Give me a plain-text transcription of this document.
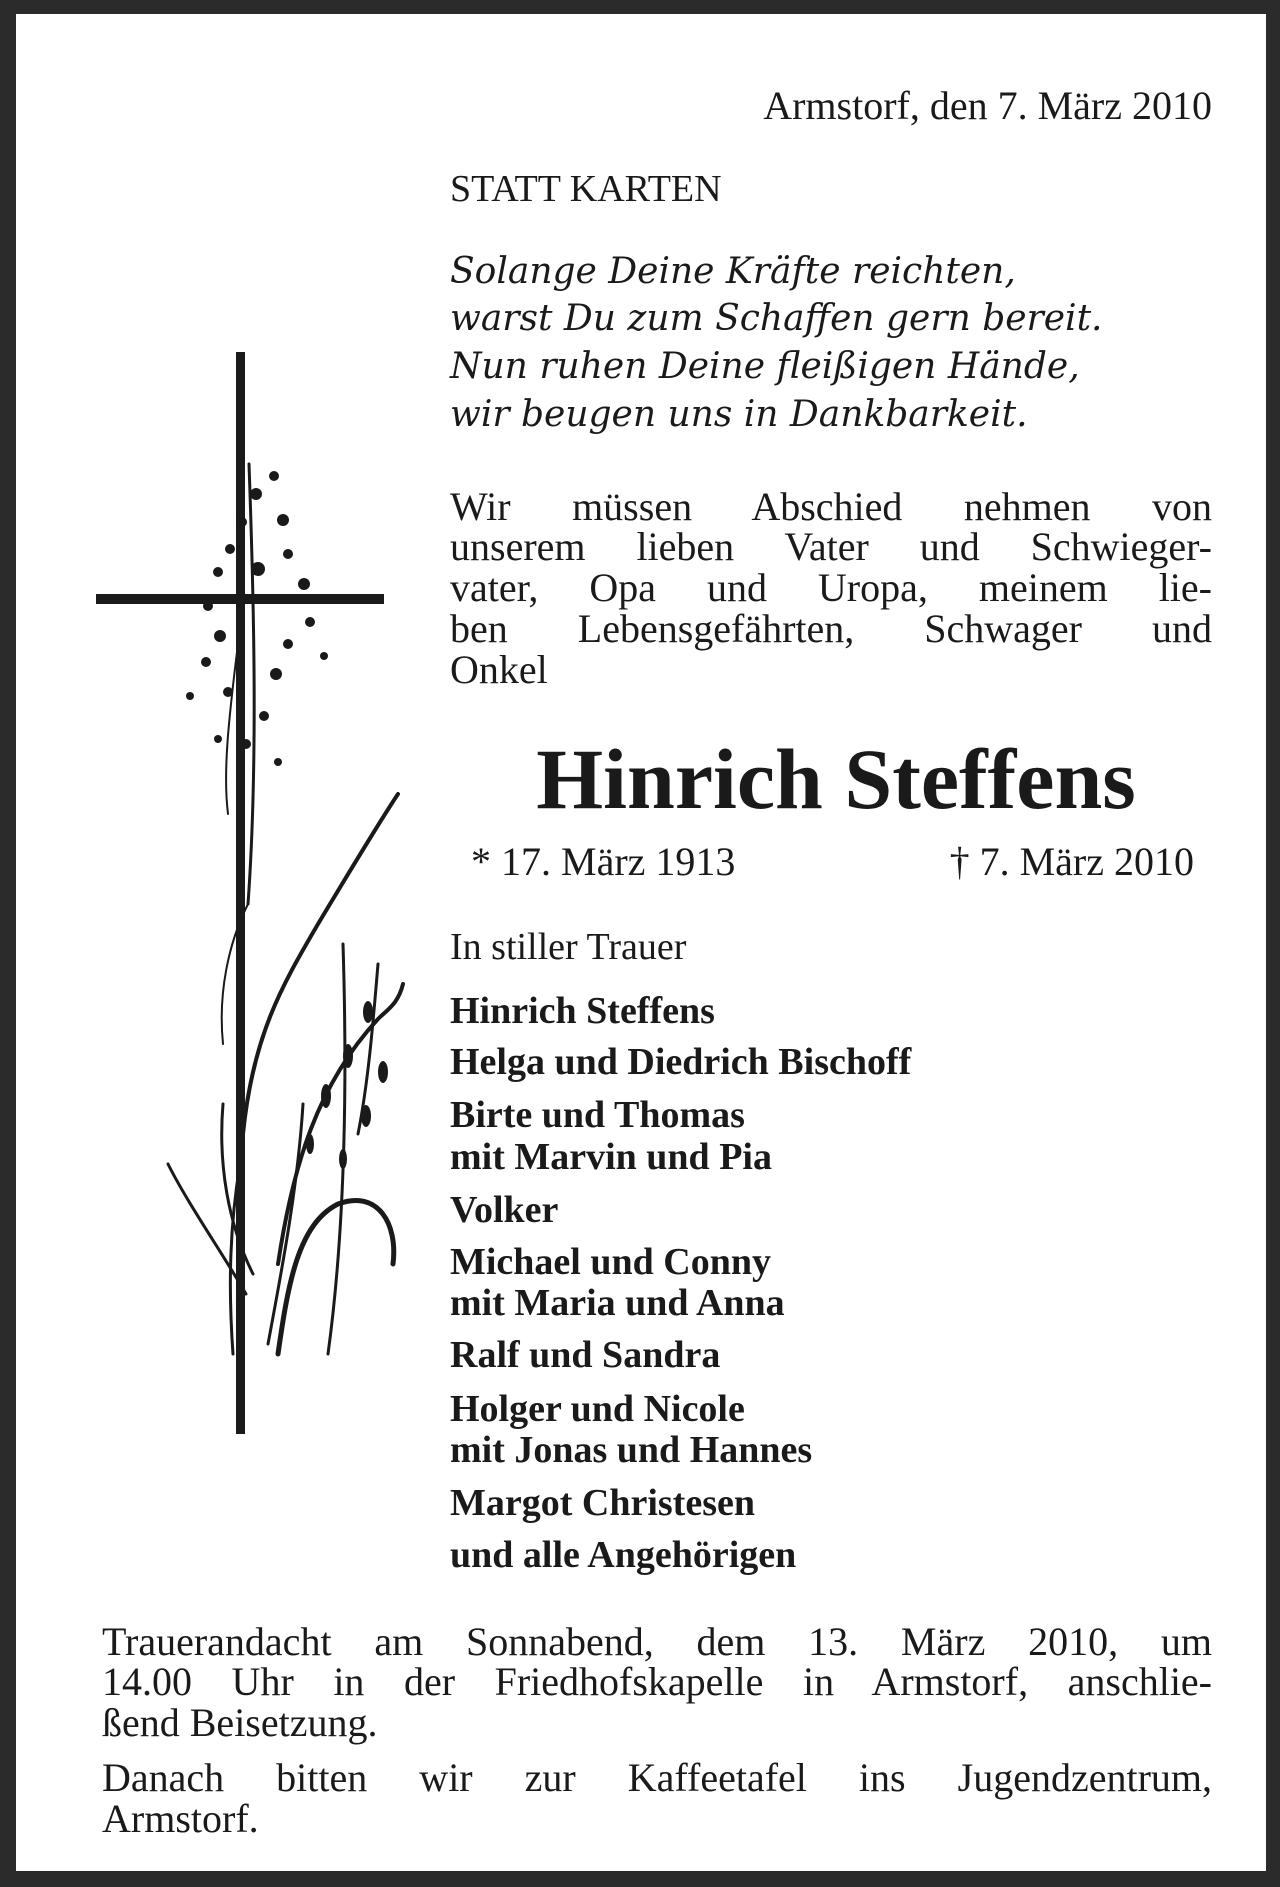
Armstorf, den 7. März 2010
STATT KARTEN
Solange Deine Kräfte reichten,
warst Du zum Schaffen gern bereit.
Nun ruhen Deine fleißigen Hände,
wir beugen uns in Dankbarkeit.
Wir müssen Abschied nehmen von
unserem lieben Vater und Schwieger-
vater, Opa und Uropa, meinem lie-
ben Lebensgefährten, Schwager und
Onkel
Hinrich Steffens
* 17. März 1913	† 7. März 2010
In stiller Trauer
Hinrich Steffens
Helga und Diedrich Bischoff
Birte und Thomas
mit Marvin und Pia
Volker
Michael und Conny
mit Maria und Anna
Ralf und Sandra
Holger und Nicole
mit Jonas und Hannes
Margot Christesen
und alle Angehörigen
Trauerandacht am Sonnabend, dem 13. März 2010, um
14.00 Uhr in der Friedhofskapelle in Armstorf, anschlie-
ßend Beisetzung.
Danach bitten wir zur Kaffeetafel ins Jugendzentrum,
Armstorf.
